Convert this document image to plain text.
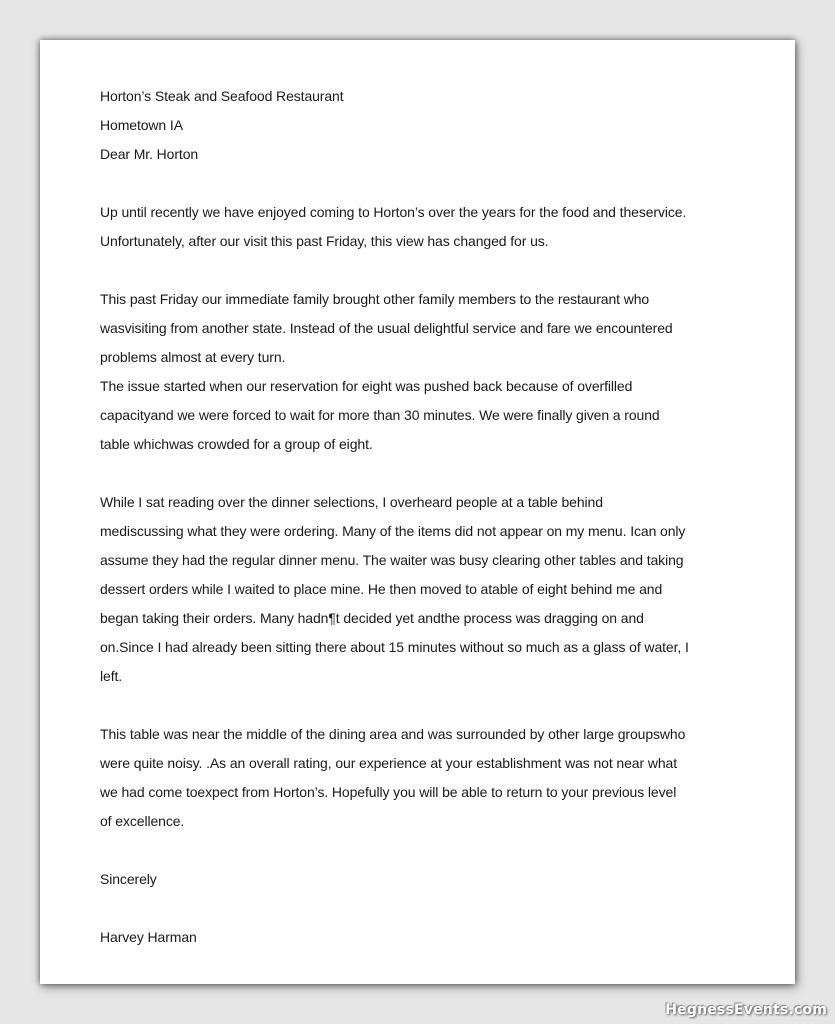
Horton’s Steak and Seafood Restaurant
Hometown IA
Dear Mr. Horton
Up until recently we have enjoyed coming to Horton’s over the years for the food and theservice.
Unfortunately, after our visit this past Friday, this view has changed for us.
This past Friday our immediate family brought other family members to the restaurant who
wasvisiting from another state. Instead of the usual delightful service and fare we encountered
problems almost at every turn.
The issue started when our reservation for eight was pushed back because of overfilled
capacityand we were forced to wait for more than 30 minutes. We were finally given a round
table whichwas crowded for a group of eight.
While I sat reading over the dinner selections, I overheard people at a table behind
mediscussing what they were ordering. Many of the items did not appear on my menu. Ican only
assume they had the regular dinner menu. The waiter was busy clearing other tables and taking
dessert orders while I waited to place mine. He then moved to atable of eight behind me and
began taking their orders. Many hadn¶t decided yet andthe process was dragging on and
on.Since I had already been sitting there about 15 minutes without so much as a glass of water, I
left.
This table was near the middle of the dining area and was surrounded by other large groupswho
were quite noisy. .As an overall rating, our experience at your establishment was not near what
we had come toexpect from Horton’s. Hopefully you will be able to return to your previous level
of excellence.
Sincerely
Harvey Harman
HegnessEvents.com
